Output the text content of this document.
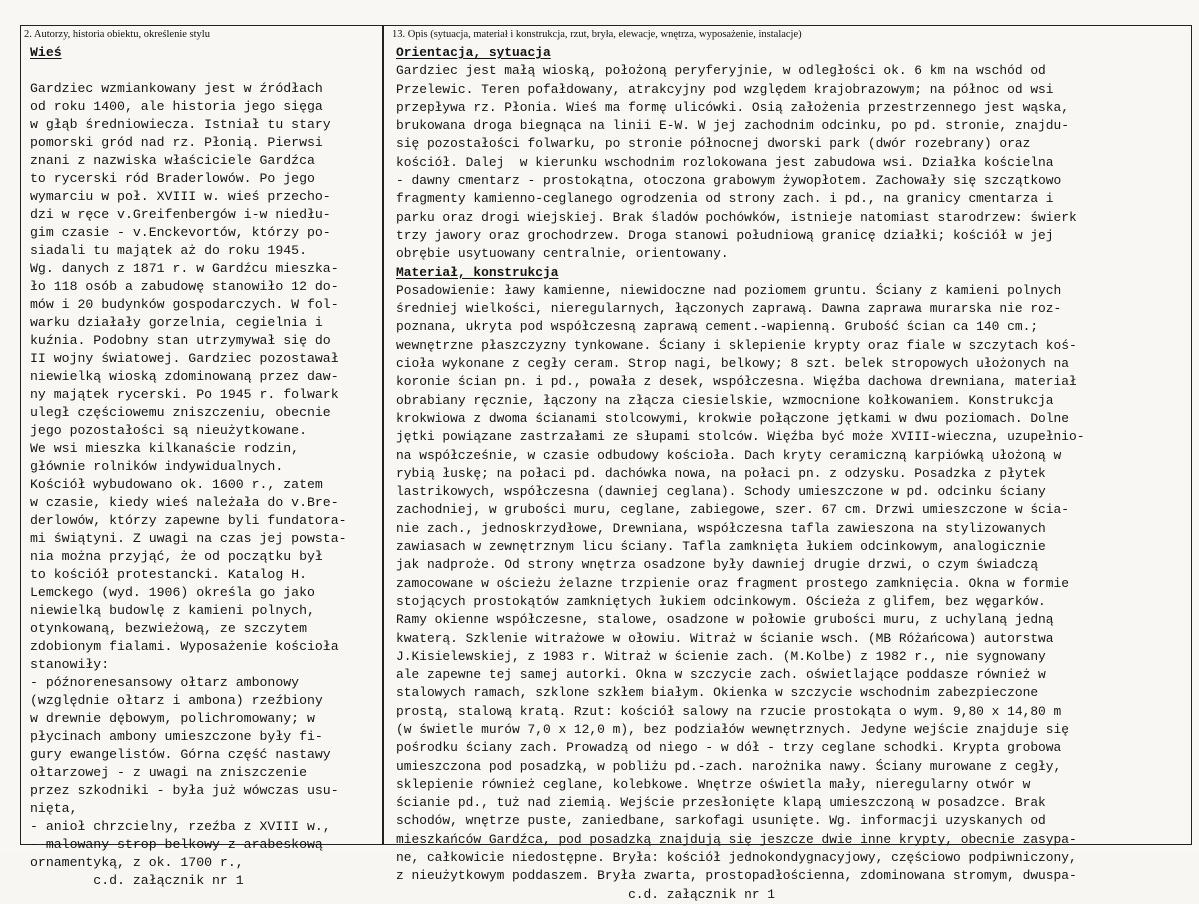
2. Autorzy, historia obiektu, określenie stylu	13. Opis (sytuacja, materiał i konstrukcja, rzut, bryła, elewacje, wnętrza, wyposażenie, instalacje)
Wieś
Gardziec wzmiankowany jest w źródłach
od roku 1400, ale historia jego sięga
w głąb średniowiecza. Istniał tu stary
pomorski gród nad rz. Płonią. Pierwsi
znani z nazwiska właściciele Gardźca
to rycerski ród Braderlowów. Po jego
wymarciu w poł. XVIII w. wieś przecho-
dzi w ręce v.Greifenbergów i-w niedłu-
gim czasie - v.Enckevortów, którzy po-
siadali tu majątek aż do roku 1945.
Wg. danych z 1871 r. w Gardźcu mieszka-
ło 118 osób a zabudowę stanowiło 12 do-
mów i 20 budynków gospodarczych. W fol-
warku działały gorzelnia, cegielnia i
kuźnia. Podobny stan utrzymywał się do
II wojny światowej. Gardziec pozostawał
niewielką wioską zdominowaną przez daw-
ny majątek rycerski. Po 1945 r. folwark
uległ częściowemu zniszczeniu, obecnie
jego pozostałości są nieużytkowane.
We wsi mieszka kilkanaście rodzin,
głównie rolników indywidualnych.
Kościół wybudowano ok. 1600 r., zatem
w czasie, kiedy wieś należała do v.Bre-
derlowów, którzy zapewne byli fundatora-
mi świątyni. Z uwagi na czas jej powsta-
nia można przyjąć, że od początku był
to kościół protestancki. Katalog H.
Lemckego (wyd. 1906) określa go jako
niewielką budowlę z kamieni polnych,
otynkowaną, bezwieżową, ze szczytem
zdobionym fialami. Wyposażenie kościoła
stanowiły:
- późnorenesansowy ołtarz ambonowy
(względnie ołtarz i ambona) rzeźbiony
w drewnie dębowym, polichromowany; w
płycinach ambony umieszczone były fi-
gury ewangelistów. Górna część nastawy
ołtarzowej - z uwagi na zniszczenie
przez szkodniki - była już wówczas usu-
nięta,
- anioł chrzcielny, rzeźba z XVIII w.,
- malowany strop belkowy z arabeskową
ornamentyką, z ok. 1700 r.,
c.d. załącznik nr 1
Orientacja, sytuacja
Gardziec jest małą wioską, położoną peryferyjnie, w odległości ok. 6 km na wschód od
Przelewic. Teren pofałdowany, atrakcyjny pod względem krajobrazowym; na północ od wsi
przepływa rz. Płonia. Wieś ma formę ulicówki. Osią założenia przestrzennego jest wąska,
brukowana droga biegnąca na linii E-W. W jej zachodnim odcinku, po pd. stronie, znajdu-
się pozostałości folwarku, po stronie północnej dworski park (dwór rozebrany) oraz
kościół. Dalej  w kierunku wschodnim rozlokowana jest zabudowa wsi. Działka kościelna
- dawny cmentarz - prostokątna, otoczona grabowym żywopłotem. Zachowały się szczątkowo
fragmenty kamienno-ceglanego ogrodzenia od strony zach. i pd., na granicy cmentarza i
parku oraz drogi wiejskiej. Brak śladów pochówków, istnieje natomiast starodrzew: świerk
trzy jawory oraz grochodrzew. Droga stanowi południową granicę działki; kościół w jej
obrębie usytuowany centralnie, orientowany.
Materiał, konstrukcja
Posadowienie: ławy kamienne, niewidoczne nad poziomem gruntu. Ściany z kamieni polnych
średniej wielkości, nieregularnych, łączonych zaprawą. Dawna zaprawa murarska nie roz-
poznana, ukryta pod współczesną zaprawą cement.-wapienną. Grubość ścian ca 140 cm.;
wewnętrzne płaszczyzny tynkowane. Ściany i sklepienie krypty oraz fiale w szczytach koś-
cioła wykonane z cegły ceram. Strop nagi, belkowy; 8 szt. belek stropowych ułożonych na
koronie ścian pn. i pd., powała z desek, współczesna. Więźba dachowa drewniana, materiał
obrabiany ręcznie, łączony na złącza ciesielskie, wzmocnione kołkowaniem. Konstrukcja
krokwiowa z dwoma ścianami stolcowymi, krokwie połączone jętkami w dwu poziomach. Dolne
jętki powiązane zastrzałami ze słupami stolców. Więźba być może XVIII-wieczna, uzupełnio-
na współcześnie, w czasie odbudowy kościoła. Dach kryty ceramiczną karpiówką ułożoną w
rybią łuskę; na połaci pd. dachówka nowa, na połaci pn. z odzysku. Posadzka z płytek
lastrikowych, współczesna (dawniej ceglana). Schody umieszczone w pd. odcinku ściany
zachodniej, w grubości muru, ceglane, zabiegowe, szer. 67 cm. Drzwi umieszczone w ścia-
nie zach., jednoskrzydłowe, Drewniana, współczesna tafla zawieszona na stylizowanych
zawiasach w zewnętrznym licu ściany. Tafla zamknięta łukiem odcinkowym, analogicznie
jak nadproże. Od strony wnętrza osadzone były dawniej drugie drzwi, o czym świadczą
zamocowane w ościeżu żelazne trzpienie oraz fragment prostego zamknięcia. Okna w formie
stojących prostokątów zamkniętych łukiem odcinkowym. Ościeża z glifem, bez węgarków.
Ramy okienne współczesne, stalowe, osadzone w połowie grubości muru, z uchylaną jedną
kwaterą. Szklenie witrażowe w ołowiu. Witraż w ścianie wsch. (MB Różańcowa) autorstwa
J.Kisielewskiej, z 1983 r. Witraż w ścienie zach. (M.Kolbe) z 1982 r., nie sygnowany
ale zapewne tej samej autorki. Okna w szczycie zach. oświetlające poddasze również w
stalowych ramach, szklone szkłem białym. Okienka w szczycie wschodnim zabezpieczone
prostą, stalową kratą. Rzut: kościół salowy na rzucie prostokąta o wym. 9,80 x 14,80 m
(w świetle murów 7,0 x 12,0 m), bez podziałów wewnętrznych. Jedyne wejście znajduje się
pośrodku ściany zach. Prowadzą od niego - w dół - trzy ceglane schodki. Krypta grobowa
umieszczona pod posadzką, w pobliżu pd.-zach. narożnika nawy. Ściany murowane z cegły,
sklepienie również ceglane, kolebkowe. Wnętrze oświetla mały, nieregularny otwór w
ścianie pd., tuż nad ziemią. Wejście przesłonięte klapą umieszczoną w posadzce. Brak
schodów, wnętrze puste, zaniedbane, sarkofagi usunięte. Wg. informacji uzyskanych od
mieszkańców Gardźca, pod posadzką znajdują się jeszcze dwie inne krypty, obecnie zasypa-
ne, całkowicie niedostępne. Bryła: kościół jednokondygnacyjowy, częściowo podpiwniczony,
z nieużytkowym poddaszem. Bryła zwarta, prostopadłościenna, zdominowana stromym, dwuspa-
c.d. załącznik nr 1
